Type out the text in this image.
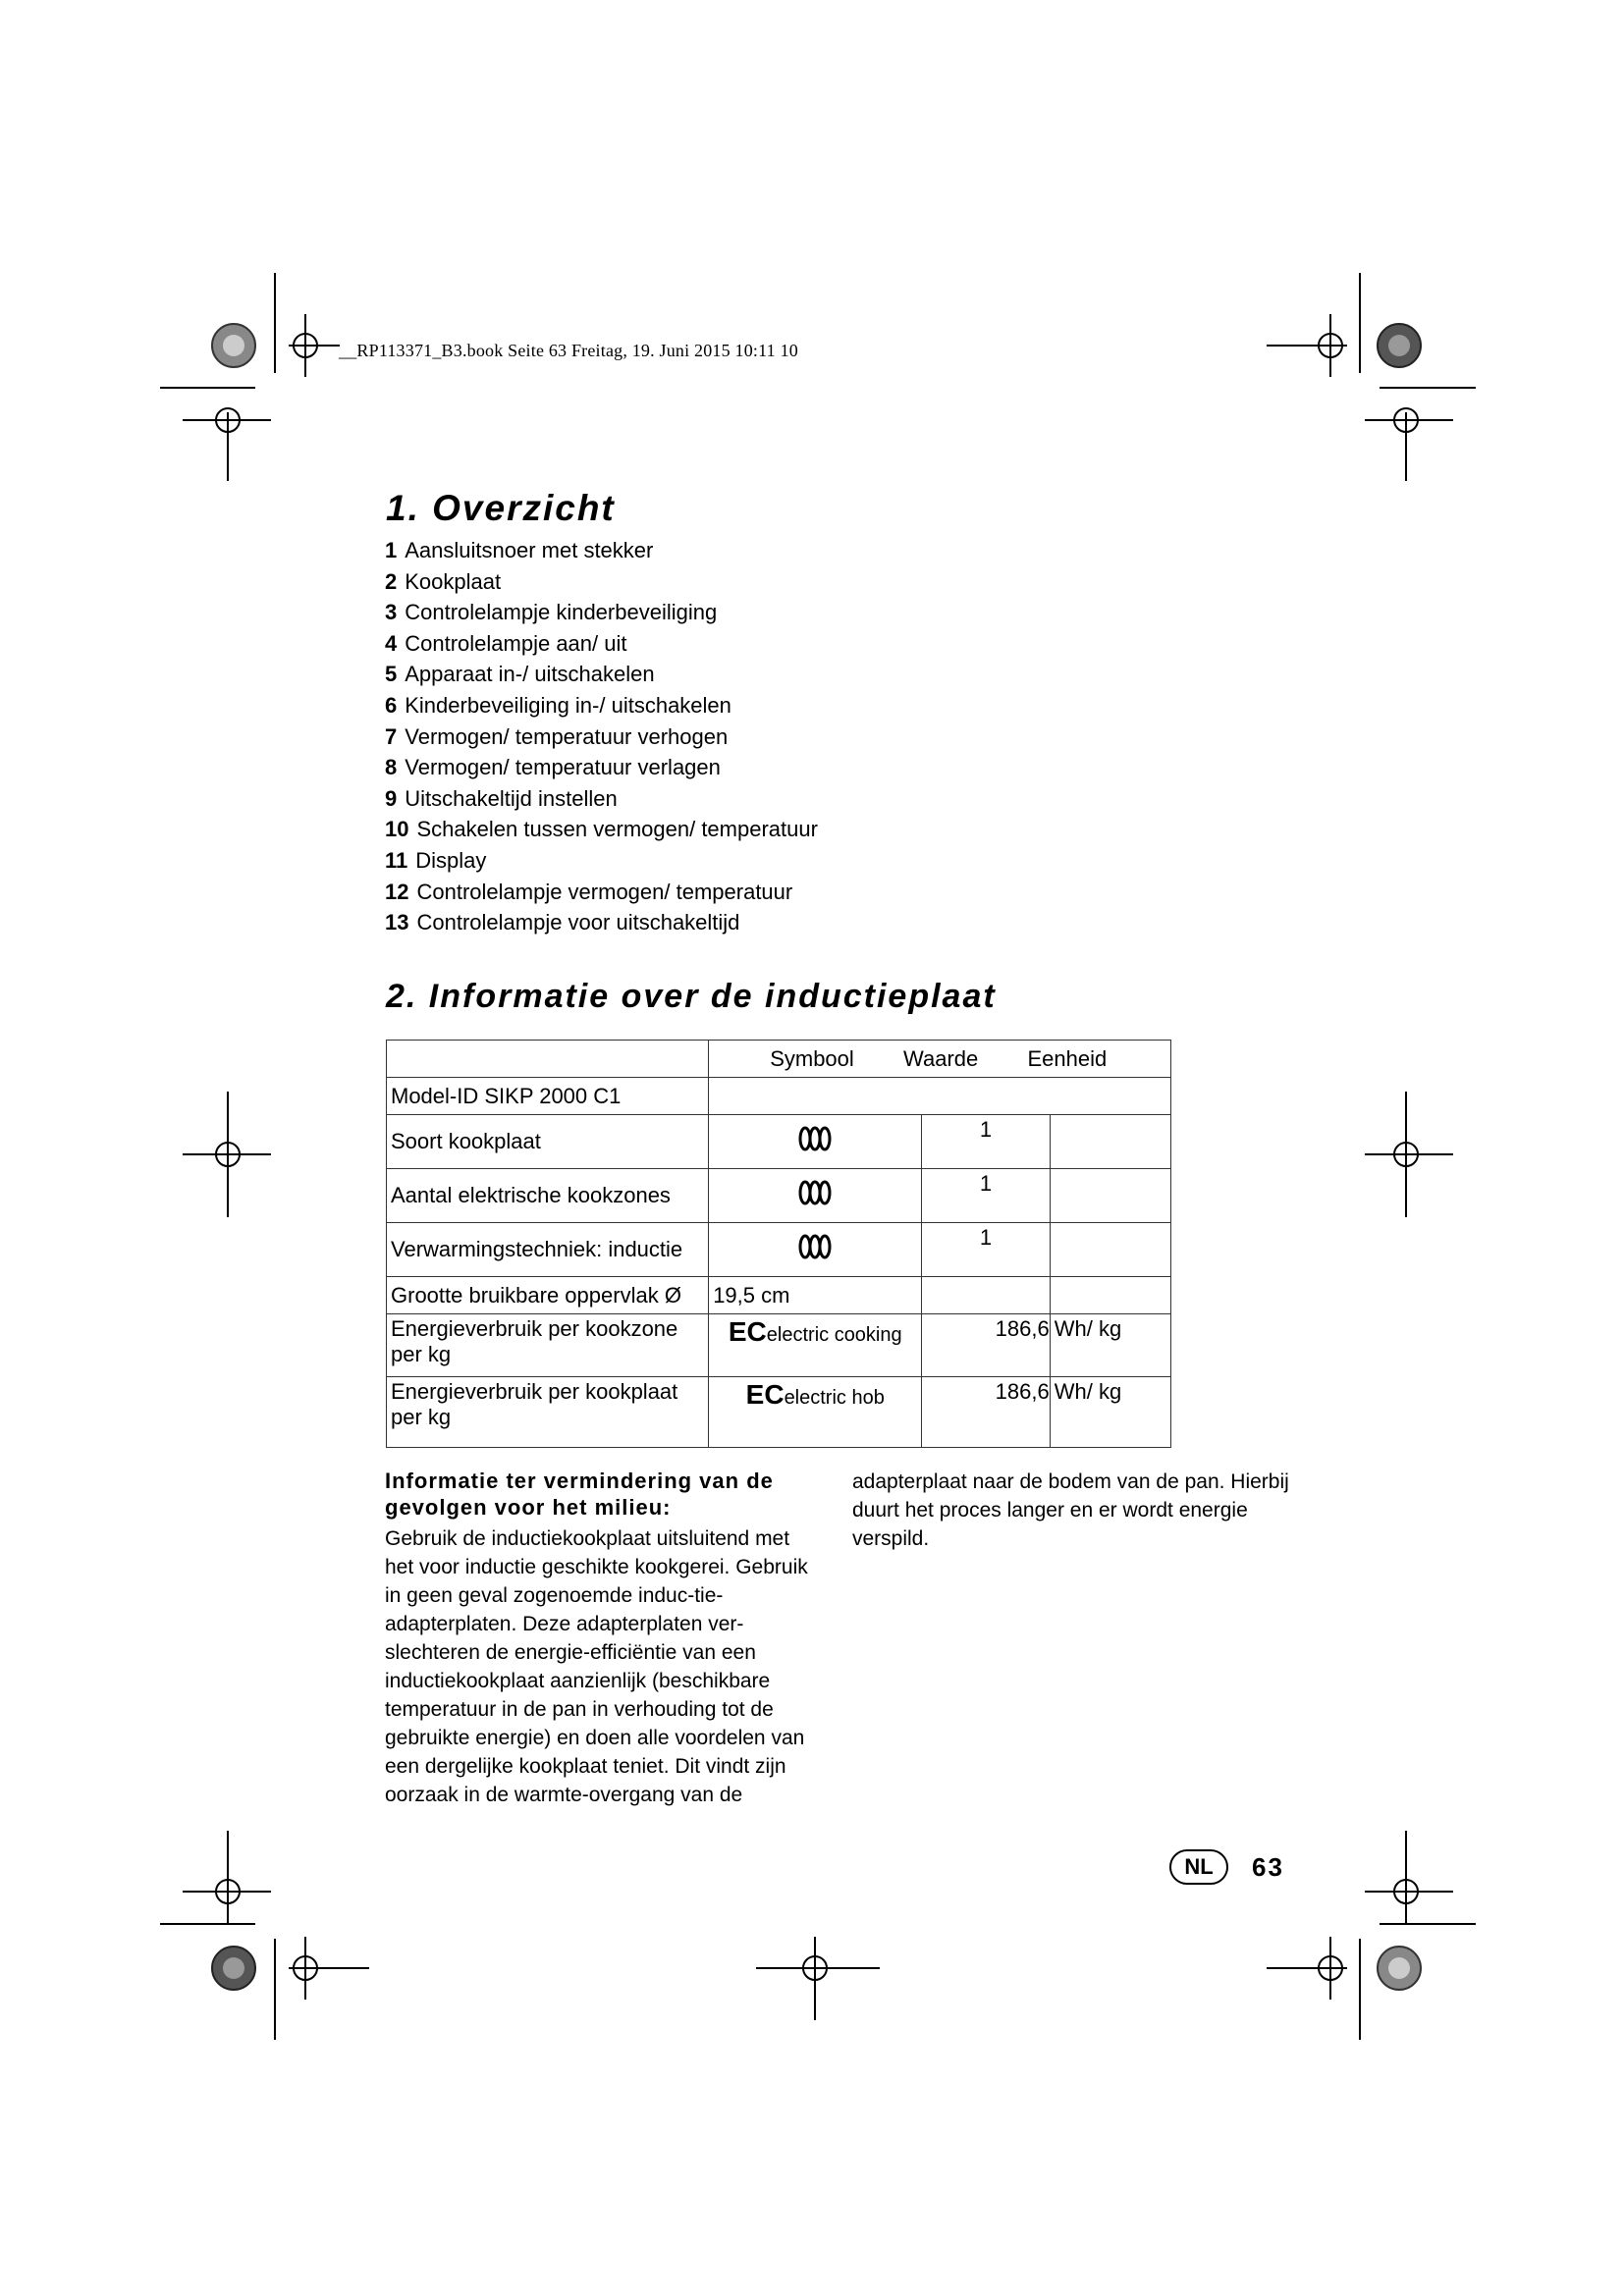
__RP113371_B3.book Seite 63 Freitag, 19. Juni 2015 10:11 10
1. Overzicht
1 Aansluitsnoer met stekker
2 Kookplaat
3 Controlelampje kinderbeveiliging
4 Controlelampje aan/ uit
5 Apparaat in-/ uitschakelen
6 Kinderbeveiliging in-/ uitschakelen
7 Vermogen/ temperatuur verhogen
8 Vermogen/ temperatuur verlagen
9 Uitschakeltijd instellen
10 Schakelen tussen vermogen/ temperatuur
11 Display
12 Controlelampje vermogen/ temperatuur
13 Controlelampje voor uitschakeltijd
2. Informatie over de inductieplaat
	Symbool Waarde Eenheid		
Model-ID SIKP 2000 C1			
Soort kookplaat		1	
Aantal elektrische kookzones		1	
Verwarmingstechniek: inductie		1	
Grootte bruikbare oppervlak Ø	19,5 cm		
Energieverbruik per kookzone per kg	ECelectric cooking	186,6	Wh/ kg
Energieverbruik per kookplaat per kg	ECelectric hob	186,6	Wh/ kg
Informatie ter vermindering van de gevolgen voor het milieu:
Gebruik de inductiekookplaat uitsluitend met het voor inductie geschikte kookgerei. Gebruik in geen geval zogenoemde induc-tie-adapterplaten. Deze adapterplaten ver-slechteren de energie-efficiëntie van een inductiekookplaat aanzienlijk (beschikbare temperatuur in de pan in verhouding tot de gebruikte energie) en doen alle voordelen van een dergelijke kookplaat teniet. Dit vindt zijn oorzaak in de warmte-overgang van de
adapterplaat naar de bodem van de pan. Hierbij duurt het proces langer en er wordt energie verspild.
NL	63
